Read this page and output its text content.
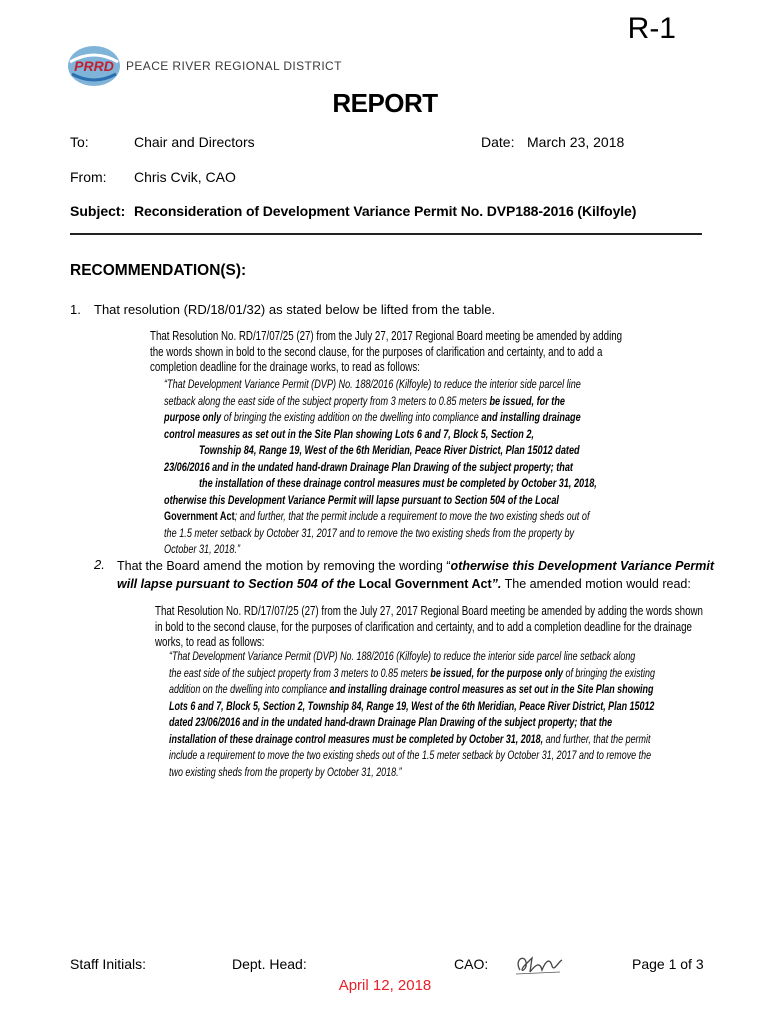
R-1
PRRD PEACE RIVER REGIONAL DISTRICT
REPORT
To:	Chair and Directors	Date: March 23, 2018
From: Chris Cvik, CAO
Subject: Reconsideration of Development Variance Permit No. DVP188-2016 (Kilfoyle)
RECOMMENDATION(S):
1. That resolution (RD/18/01/32) as stated below be lifted from the table.
That Resolution No. RD/17/07/25 (27) from the July 27, 2017 Regional Board meeting be amended by adding
the words shown in bold to the second clause, for the purposes of clarification and certainty, and to add a
completion deadline for the drainage works, to read as follows:
“That Development Variance Permit (DVP) No. 188/2016 (Kilfoyle) to reduce the interior side parcel line
setback along the east side of the subject property from 3 meters to 0.85 meters be issued, for the
purpose only of bringing the existing addition on the dwelling into compliance and installing drainage
control measures as set out in the Site Plan showing Lots 6 and 7, Block 5, Section 2,
Township 84, Range 19, West of the 6th Meridian, Peace River District, Plan 15012 dated
23/06/2016 and in the undated hand-drawn Drainage Plan Drawing of the subject property; that
the installation of these drainage control measures must be completed by October 31, 2018,
otherwise this Development Variance Permit will lapse pursuant to Section 504 of the Local
Government Act; and further, that the permit include a requirement to move the two existing sheds out of
the 1.5 meter setback by October 31, 2017 and to remove the two existing sheds from the property by
October 31, 2018.”
2. That the Board amend the motion by removing the wording “otherwise this Development Variance Permit
will lapse pursuant to Section 504 of the Local Government Act”. The amended motion would read:
That Resolution No. RD/17/07/25 (27) from the July 27, 2017 Regional Board meeting be amended by adding the words shown
in bold to the second clause, for the purposes of clarification and certainty, and to add a completion deadline for the drainage
works, to read as follows:
“That Development Variance Permit (DVP) No. 188/2016 (Kilfoyle) to reduce the interior side parcel line setback along
the east side of the subject property from 3 meters to 0.85 meters be issued, for the purpose only of bringing the existing
addition on the dwelling into compliance and installing drainage control measures as set out in the Site Plan showing
Lots 6 and 7, Block 5, Section 2, Township 84, Range 19, West of the 6th Meridian, Peace River District, Plan 15012
dated 23/06/2016 and in the undated hand-drawn Drainage Plan Drawing of the subject property; that the
installation of these drainage control measures must be completed by October 31, 2018, and further, that the permit
include a requirement to move the two existing sheds out of the 1.5 meter setback by October 31, 2017 and to remove the
two existing sheds from the property by October 31, 2018.”
Staff Initials:	Dept. Head:	CAO:	Page 1 of 3
April 12, 2018
